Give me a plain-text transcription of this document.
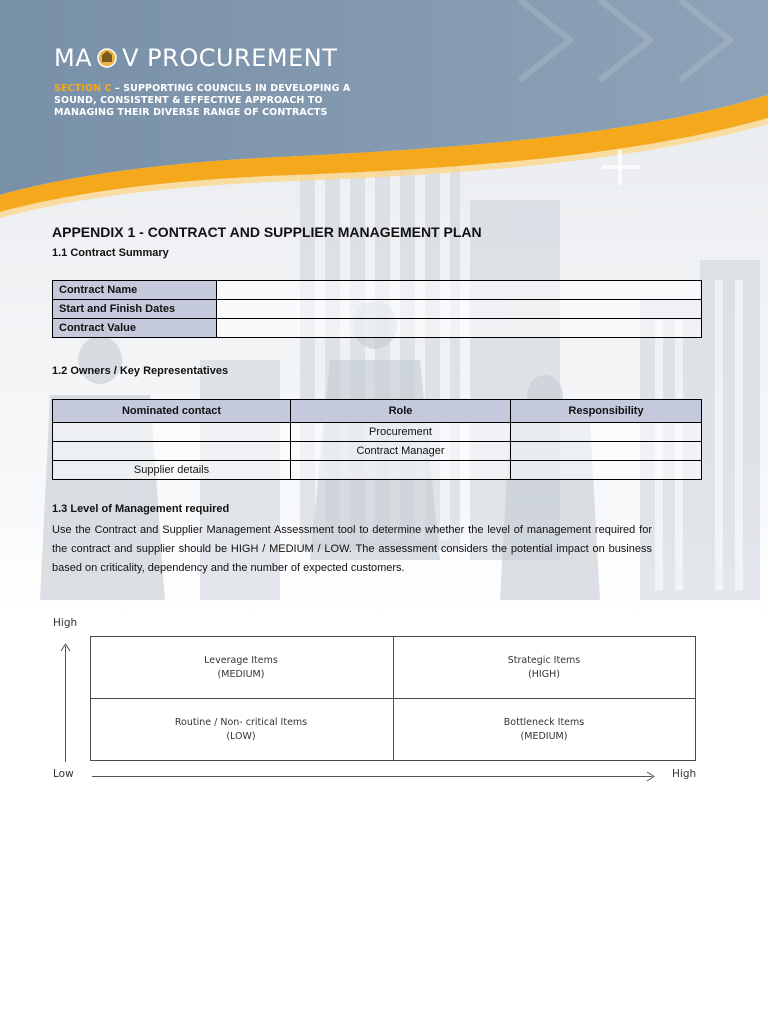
MA V PROCUREMENT
SECTION C – SUPPORTING COUNCILS IN DEVELOPING A SOUND, CONSISTENT & EFFECTIVE APPROACH TO MANAGING THEIR DIVERSE RANGE OF CONTRACTS
APPENDIX 1 - CONTRACT AND SUPPLIER MANAGEMENT PLAN
1.1 Contract Summary
Contract Name	
Start and Finish Dates	
Contract Value	
1.2 Owners / Key Representatives
Nominated contact	Role	Responsibility
	Procurement	
	Contract Manager	
Supplier details		
1.3 Level of Management required
Use the Contract and Supplier Management Assessment tool to determine whether the level of management required for the contract and supplier should be HIGH / MEDIUM / LOW. The assessment considers the potential impact on business based on criticality, dependency and the number of expected customers.
High
Low	High
Leverage Items
(MEDIUM)
Strategic Items
(HIGH)
Routine / Non- critical Items
(LOW)
Bottleneck Items
(MEDIUM)
